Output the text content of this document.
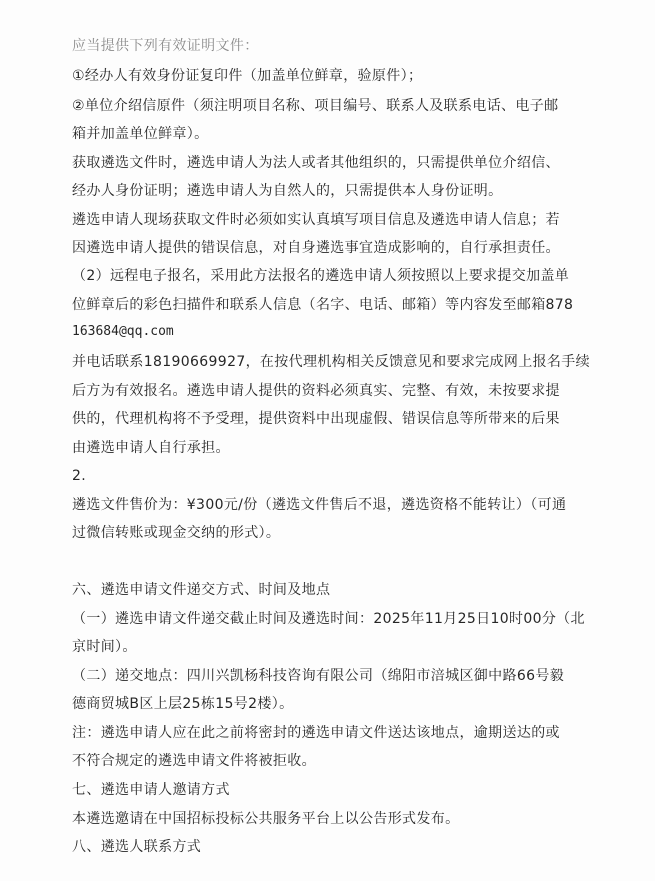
应当提供下列有效证明文件：
①经办人有效身份证复印件（加盖单位鲜章，验原件）；
②单位介绍信原件（须注明项目名称、项目编号、联系人及联系电话、电子邮
箱并加盖单位鲜章）。
获取遴选文件时，遴选申请人为法人或者其他组织的，只需提供单位介绍信、
经办人身份证明；遴选申请人为自然人的，只需提供本人身份证明。
遴选申请人现场获取文件时必须如实认真填写项目信息及遴选申请人信息；若
因遴选申请人提供的错误信息，对自身遴选事宜造成影响的，自行承担责任。
（2）远程电子报名，采用此方法报名的遴选申请人须按照以上要求提交加盖单
位鲜章后的彩色扫描件和联系人信息（名字、电话、邮箱）等内容发至邮箱878
163684@qq.com
并电话联系18190669927，在按代理机构相关反馈意见和要求完成网上报名手续
后方为有效报名。遴选申请人提供的资料必须真实、完整、有效，未按要求提
供的，代理机构将不予受理，提供资料中出现虚假、错误信息等所带来的后果
由遴选申请人自行承担。
2.
遴选文件售价为：¥300元/份（遴选文件售后不退，遴选资格不能转让）（可通
过微信转账或现金交纳的形式）。
六、遴选申请文件递交方式、时间及地点
（一）遴选申请文件递交截止时间及遴选时间：2025年11月25日10时00分（北
京时间）。
（二）递交地点：四川兴凯杨科技咨询有限公司（绵阳市涪城区御中路66号毅
德商贸城B区上层25栋15号2楼）。
注：遴选申请人应在此之前将密封的遴选申请文件送达该地点，逾期送达的或
不符合规定的遴选申请文件将被拒收。
七、遴选申请人邀请方式
本遴选邀请在中国招标投标公共服务平台上以公告形式发布。
八、遴选人联系方式
